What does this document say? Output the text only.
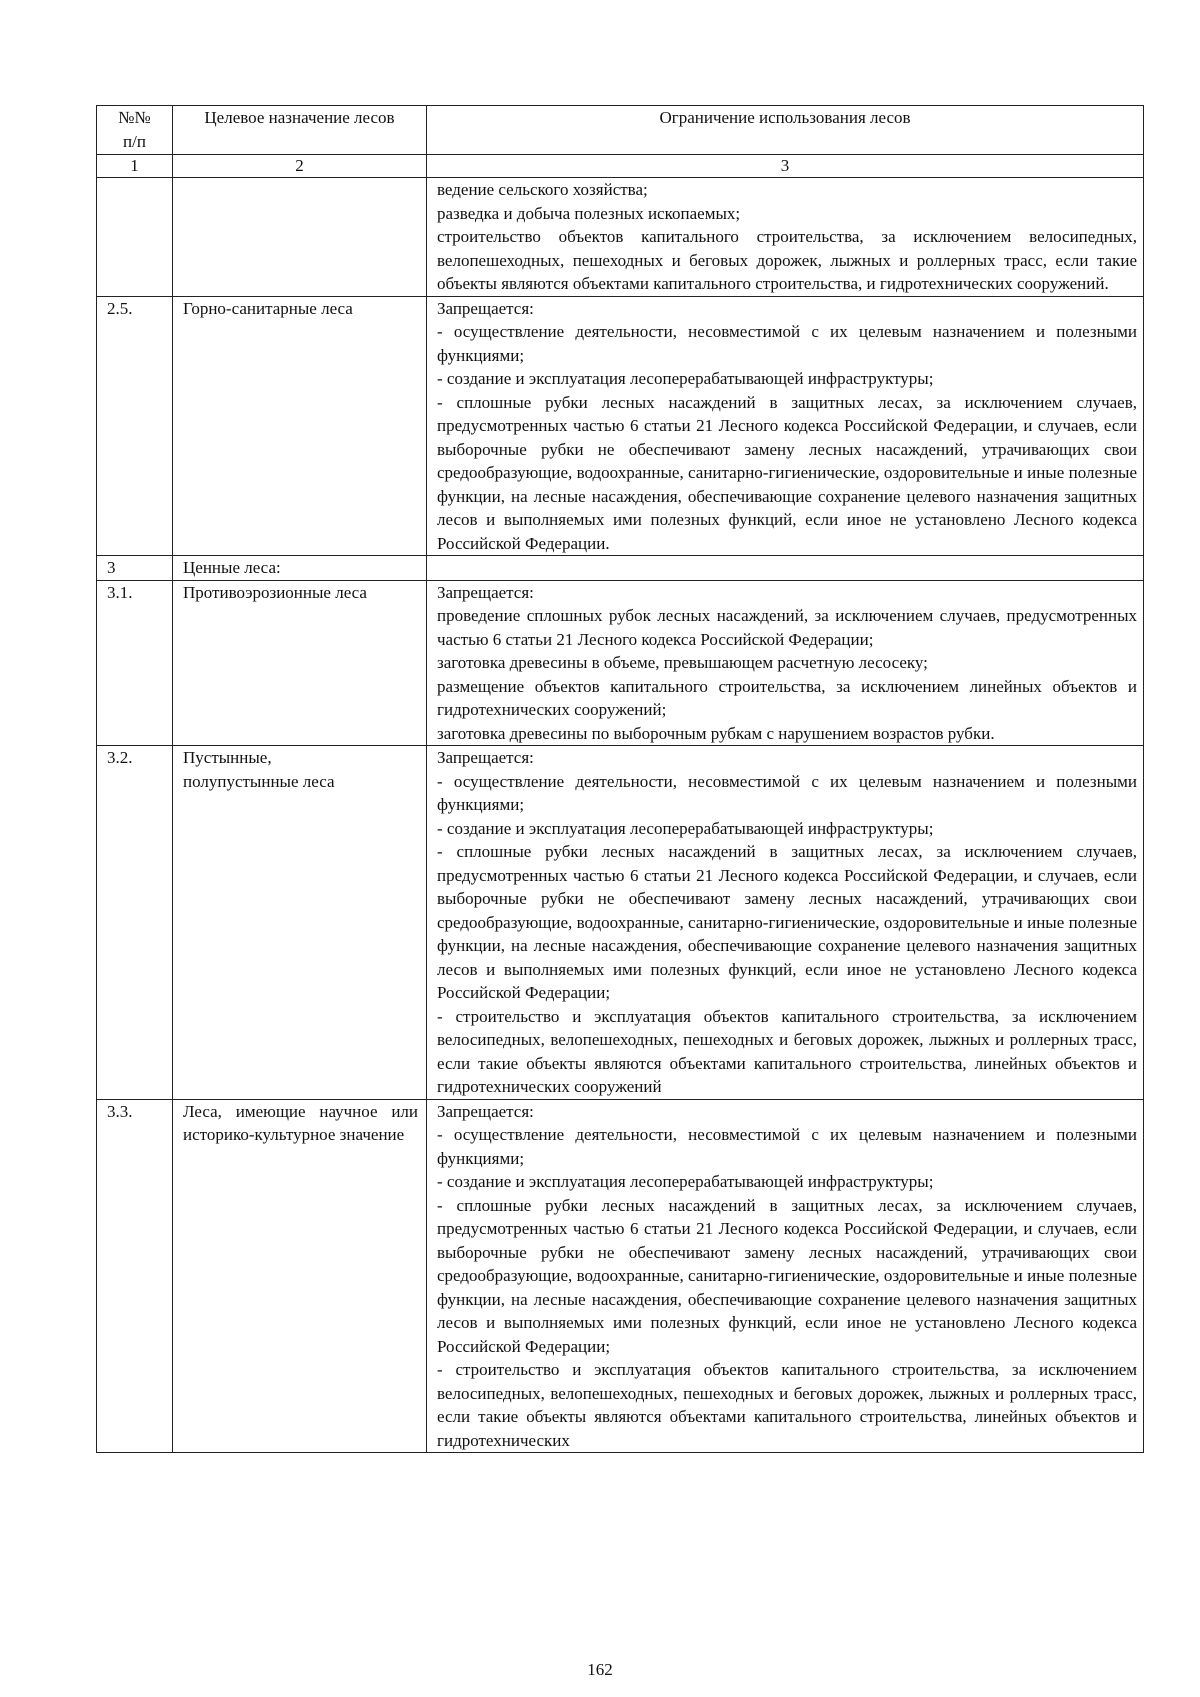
№№
п/п	Целевое назначение лесов	Ограничение использования лесов
1	2	3
		ведение сельского хозяйства;
разведка и добыча полезных ископаемых;
строительство объектов капитального строительства, за исключением велосипедных, велопешеходных, пешеходных и беговых дорожек, лыжных и роллерных трасс, если такие объекты являются объектами капитального строительства, и гидротехнических сооружений.
2.5.	Горно-санитарные леса	Запрещается:
- осуществление деятельности, несовместимой с их целевым назначением и полезными функциями;
- создание и эксплуатация лесоперерабатывающей инфраструктуры;
- сплошные рубки лесных насаждений в защитных лесах, за исключением случаев, предусмотренных частью 6 статьи 21 Лесного кодекса Российской Федерации, и случаев, если выборочные рубки не обеспечивают замену лесных насаждений, утрачивающих свои средообразующие, водоохранные, санитарно-гигиенические, оздоровительные и иные полезные функции, на лесные насаждения, обеспечивающие сохранение целевого назначения защитных лесов и выполняемых ими полезных функций, если иное не установлено Лесного кодекса Российской Федерации.
3	Ценные леса:	
3.1.	Противоэрозионные леса	Запрещается:
проведение сплошных рубок лесных насаждений, за исключением случаев, предусмотренных частью 6 статьи 21 Лесного кодекса Российской Федерации;
заготовка древесины в объеме, превышающем расчетную лесосеку;
размещение объектов капитального строительства, за исключением линейных объектов и гидротехнических сооружений;
заготовка древесины по выборочным рубкам с нарушением возрастов рубки.
3.2.	Пустынные,
полупустынные леса	Запрещается:
- осуществление деятельности, несовместимой с их целевым назначением и полезными функциями;
- создание и эксплуатация лесоперерабатывающей инфраструктуры;
- сплошные рубки лесных насаждений в защитных лесах, за исключением случаев, предусмотренных частью 6 статьи 21 Лесного кодекса Российской Федерации, и случаев, если выборочные рубки не обеспечивают замену лесных насаждений, утрачивающих свои средообразующие, водоохранные, санитарно-гигиенические, оздоровительные и иные полезные функции, на лесные насаждения, обеспечивающие сохранение целевого назначения защитных лесов и выполняемых ими полезных функций, если иное не установлено Лесного кодекса Российской Федерации;
- строительство и эксплуатация объектов капитального строительства, за исключением велосипедных, велопешеходных, пешеходных и беговых дорожек, лыжных и роллерных трасс, если такие объекты являются объектами капитального строительства, линейных объектов и гидротехнических сооружений
3.3.	Леса, имеющие научное или историко-культурное значение	Запрещается:
- осуществление деятельности, несовместимой с их целевым назначением и полезными функциями;
- создание и эксплуатация лесоперерабатывающей инфраструктуры;
- сплошные рубки лесных насаждений в защитных лесах, за исключением случаев, предусмотренных частью 6 статьи 21 Лесного кодекса Российской Федерации, и случаев, если выборочные рубки не обеспечивают замену лесных насаждений, утрачивающих свои средообразующие, водоохранные, санитарно-гигиенические, оздоровительные и иные полезные функции, на лесные насаждения, обеспечивающие сохранение целевого назначения защитных лесов и выполняемых ими полезных функций, если иное не установлено Лесного кодекса Российской Федерации;
- строительство и эксплуатация объектов капитального строительства, за исключением велосипедных, велопешеходных, пешеходных и беговых дорожек, лыжных и роллерных трасс, если такие объекты являются объектами капитального строительства, линейных объектов и гидротехнических
162
